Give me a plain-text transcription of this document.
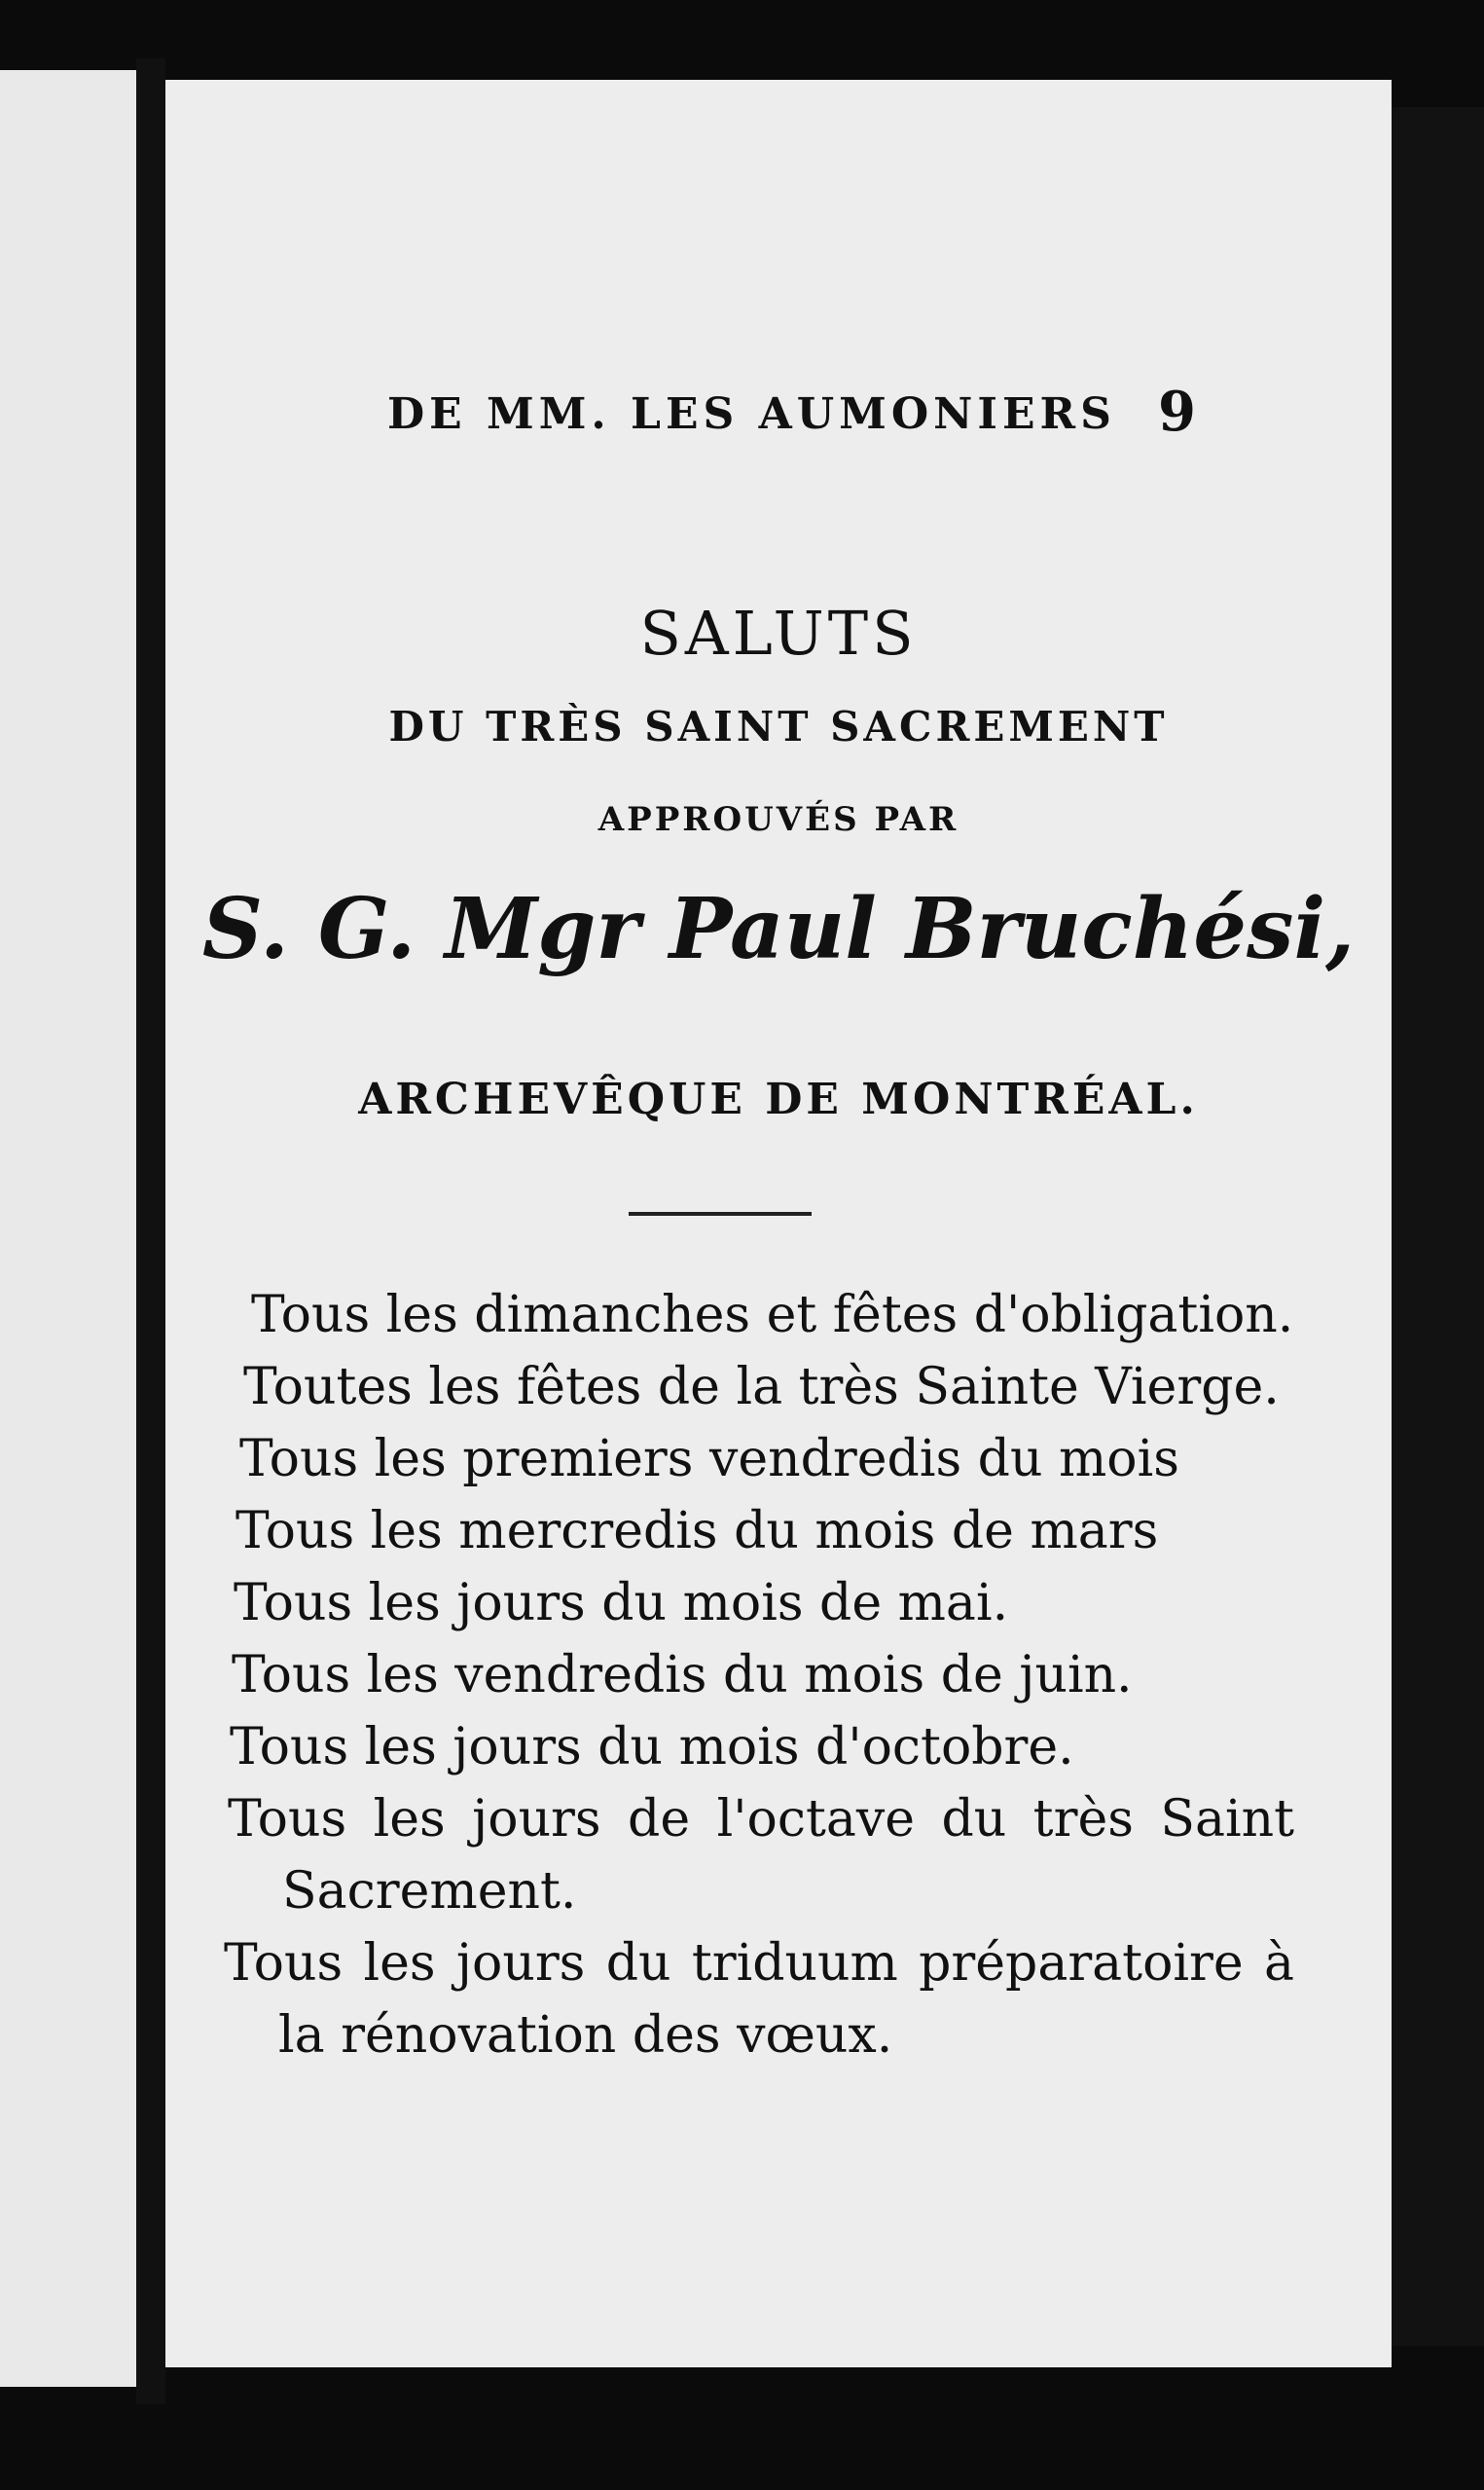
DE MM. LES AUMONIERS 9
SALUTS
DU TRÈS SAINT SACREMENT
APPROUVÉS PAR
S. G. Mgr Paul Bruchési,
ARCHEVÊQUE DE MONTRÉAL.

Tous les dimanches et fêtes d'obligation.

Toutes les fêtes de la très Sainte Vierge.

Tous les premiers vendredis du mois

Tous les mercredis du mois de mars

Tous les jours du mois de mai.

Tous les vendredis du mois de juin.

Tous les jours du mois d'octobre.

Tous les jours de l'octave du très Saint Sacrement.

Tous les jours du triduum préparatoire à la rénovation des vœux.
